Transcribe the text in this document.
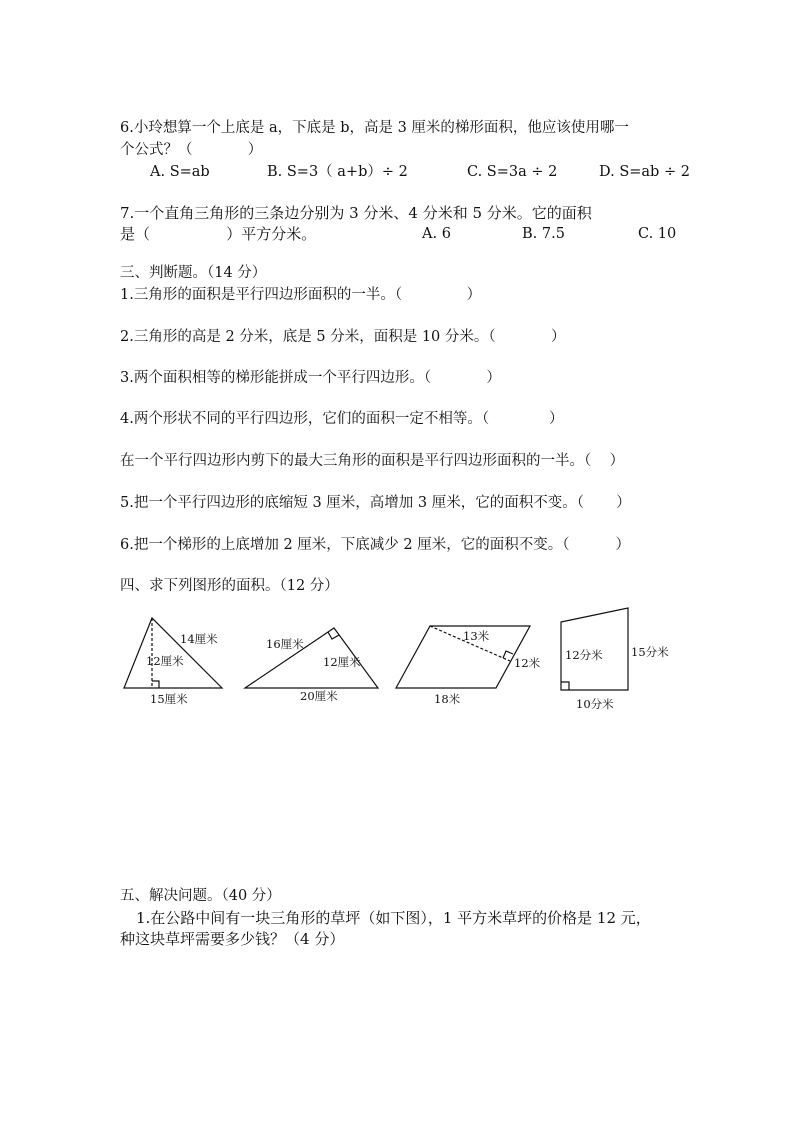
6.小玲想算一个上底是 a，下底是 b，高是 3 厘米的梯形面积，他应该使用哪一
个公式？（            ）
A. S=ab	B. S=3（ a+b）÷ 2	C. S=3a ÷ 2	D. S=ab ÷ 2
7.一个直角三角形的三条边分别为 3 分米、4 分米和 5 分米。它的面积
是（                ）平方分米。	A. 6	B. 7.5	C. 10
三、判断题。（14 分）
1.三角形的面积是平行四边形面积的一半。（              ）
2.三角形的高是 2 分米，底是 5 分米，面积是 10 分米。（            ）
3.两个面积相等的梯形能拼成一个平行四边形。（            ）
4.两个形状不同的平行四边形，它们的面积一定不相等。（             ）
在一个平行四边形内剪下的最大三角形的面积是平行四边形面积的一半。（    ）
5.把一个平行四边形的底缩短 3 厘米，高增加 3 厘米，它的面积不变。（       ）
6.把一个梯形的上底增加 2 厘米，下底减少 2 厘米，它的面积不变。（          ）
四、求下列图形的面积。（12 分）
14厘米
12厘米
15厘米
16厘米
12厘米
20厘米
13米
12米
18米
12分米 15分米
10分米
五、解决问题。（40 分）
1.在公路中间有一块三角形的草坪（如下图），1 平方米草坪的价格是 12 元，
种这块草坪需要多少钱？（4 分）
